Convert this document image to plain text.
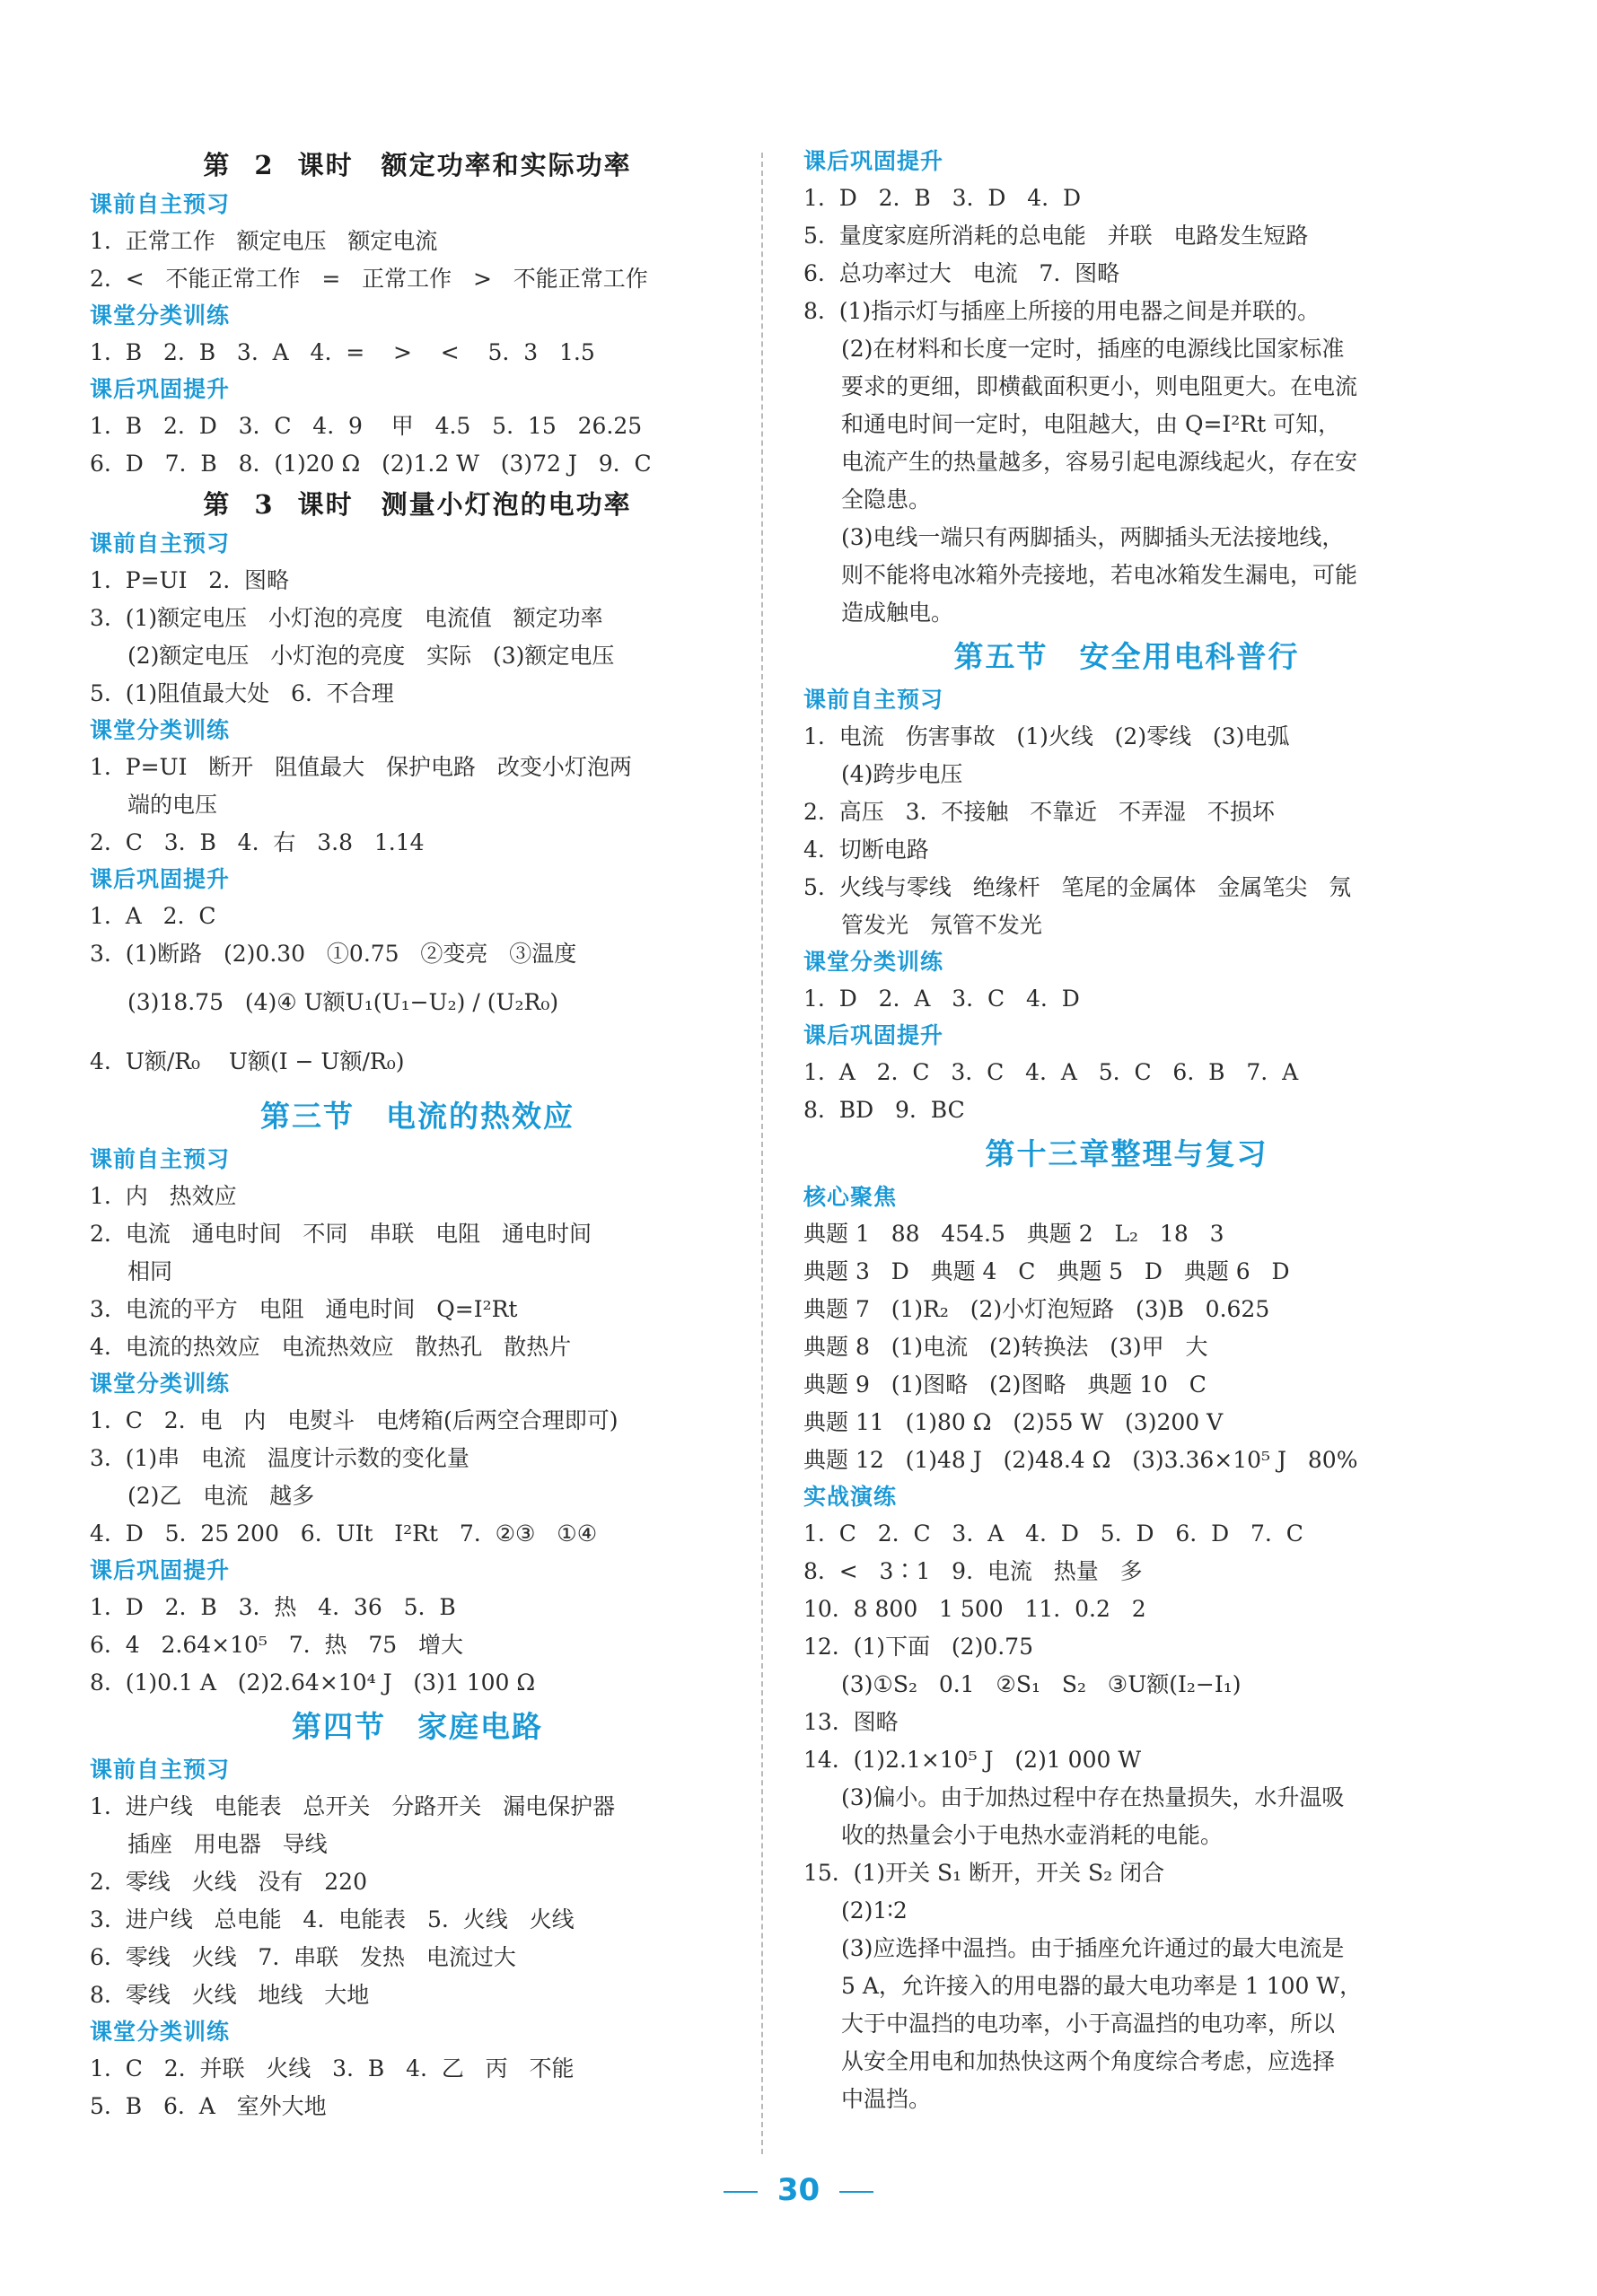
第 2 课时　额定功率和实际功率
课前自主预习
1.  正常工作   额定电压   额定电流
2.  <   不能正常工作   =   正常工作   >   不能正常工作
课堂分类训练
1.  B   2.  B   3.  A   4.  =    >    <    5.  3   1.5
课后巩固提升
1.  B   2.  D   3.  C   4.  9    甲   4.5   5.  15   26.25
6.  D   7.  B   8.  (1)20 Ω   (2)1.2 W   (3)72 J   9.  C
第 3 课时　测量小灯泡的电功率
课前自主预习
1.  P=UI   2.  图略
3.  (1)额定电压   小灯泡的亮度   电流值   额定功率
(2)额定电压   小灯泡的亮度   实际   (3)额定电压
5.  (1)阻值最大处   6.  不合理
课堂分类训练
1.  P=UI   断开   阻值最大   保护电路   改变小灯泡两
端的电压
2.  C   3.  B   4.  右   3.8   1.14
课后巩固提升
1.  A   2.  C
3.  (1)断路   (2)0.30   ①0.75   ②变亮   ③温度
(3)18.75   (4)④ U额U₁(U₁−U₂) / (U₂R₀)
4.  U额/R₀    U额(I − U额/R₀)
第三节　电流的热效应
课前自主预习
1.  内   热效应
2.  电流   通电时间   不同   串联   电阻   通电时间
相同
3.  电流的平方   电阻   通电时间   Q=I²Rt
4.  电流的热效应   电流热效应   散热孔   散热片
课堂分类训练
1.  C   2.  电   内   电熨斗   电烤箱(后两空合理即可)
3.  (1)串   电流   温度计示数的变化量
(2)乙   电流   越多
4.  D   5.  25 200   6.  UIt   I²Rt   7.  ②③   ①④
课后巩固提升
1.  D   2.  B   3.  热   4.  36   5.  B
6.  4   2.64×10⁵   7.  热   75   增大
8.  (1)0.1 A   (2)2.64×10⁴ J   (3)1 100 Ω
第四节　家庭电路
课前自主预习
1.  进户线   电能表   总开关   分路开关   漏电保护器
插座   用电器   导线
2.  零线   火线   没有   220
3.  进户线   总电能   4.  电能表   5.  火线   火线
6.  零线   火线   7.  串联   发热   电流过大
8.  零线   火线   地线   大地
课堂分类训练
1.  C   2.  并联   火线   3.  B   4.  乙   丙   不能
5.  B   6.  A   室外大地
课后巩固提升
1.  D   2.  B   3.  D   4.  D
5.  量度家庭所消耗的总电能   并联   电路发生短路
6.  总功率过大   电流   7.  图略
8.  (1)指示灯与插座上所接的用电器之间是并联的。
(2)在材料和长度一定时，插座的电源线比国家标准
要求的更细，即横截面积更小，则电阻更大。在电流
和通电时间一定时，电阻越大，由 Q=I²Rt 可知，
电流产生的热量越多，容易引起电源线起火，存在安
全隐患。
(3)电线一端只有两脚插头，两脚插头无法接地线，
则不能将电冰箱外壳接地，若电冰箱发生漏电，可能
造成触电。
第五节　安全用电科普行
课前自主预习
1.  电流   伤害事故   (1)火线   (2)零线   (3)电弧
(4)跨步电压
2.  高压   3.  不接触   不靠近   不弄湿   不损坏
4.  切断电路
5.  火线与零线   绝缘杆   笔尾的金属体   金属笔尖   氖
管发光   氖管不发光
课堂分类训练
1.  D   2.  A   3.  C   4.  D
课后巩固提升
1.  A   2.  C   3.  C   4.  A   5.  C   6.  B   7.  A
8.  BD   9.  BC
第十三章整理与复习
核心聚焦
典题 1   88   454.5   典题 2   L₂   18   3
典题 3   D   典题 4   C   典题 5   D   典题 6   D
典题 7   (1)R₂   (2)小灯泡短路   (3)B   0.625
典题 8   (1)电流   (2)转换法   (3)甲   大
典题 9   (1)图略   (2)图略   典题 10   C
典题 11   (1)80 Ω   (2)55 W   (3)200 V
典题 12   (1)48 J   (2)48.4 Ω   (3)3.36×10⁵ J   80%
实战演练
1.  C   2.  C   3.  A   4.  D   5.  D   6.  D   7.  C
8.  <   3∶1   9.  电流   热量   多
10.  8 800   1 500   11.  0.2   2
12.  (1)下面   (2)0.75
(3)①S₂   0.1   ②S₁   S₂   ③U额(I₂−I₁)
13.  图略
14.  (1)2.1×10⁵ J   (2)1 000 W
(3)偏小。由于加热过程中存在热量损失，水升温吸
收的热量会小于电热水壶消耗的电能。
15.  (1)开关 S₁ 断开，开关 S₂ 闭合
(2)1∶2
(3)应选择中温挡。由于插座允许通过的最大电流是
5 A，允许接入的用电器的最大电功率是 1 100 W，
大于中温挡的电功率，小于高温挡的电功率，所以
从安全用电和加热快这两个角度综合考虑，应选择
中温挡。
30
